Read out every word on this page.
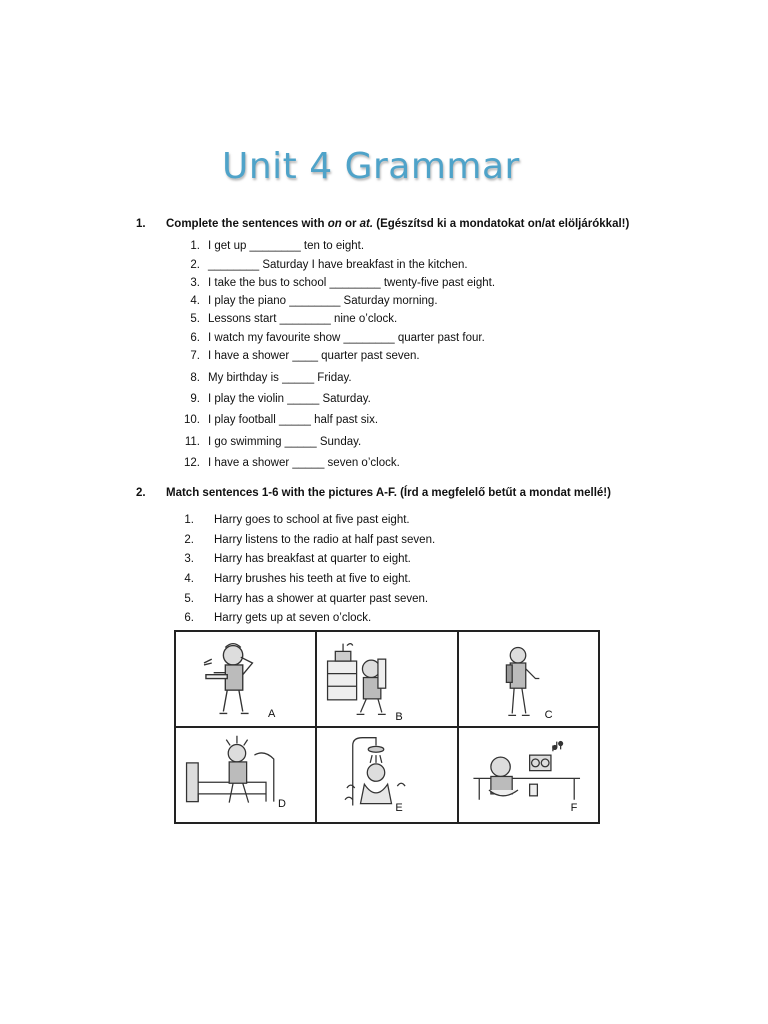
Unit 4 Grammar
1. Complete the sentences with on or at. (Egészítsd ki a mondatokat on/at elöljárókkal!)
1. I get up ________ ten to eight.
2. ________ Saturday I have breakfast in the kitchen.
3. I take the bus to school ________ twenty-five past eight.
4. I play the piano ________ Saturday morning.
5. Lessons start ________ nine o’clock.
6. I watch my favourite show ________ quarter past four.
7. I have a shower ____ quarter past seven.
8. My birthday is _____ Friday.
9. I play the violin _____ Saturday.
10. I play football _____ half past six.
11. I go swimming _____ Sunday.
12. I have a shower _____ seven o’clock.
2. Match sentences 1-6 with the pictures A-F. (Írd a megfelelő betűt a mondat mellé!)
1. Harry goes to school at five past eight.
2. Harry listens to the radio at half past seven.
3. Harry has breakfast at quarter to eight.
4. Harry brushes his teeth at five to eight.
5. Harry has a shower at quarter past seven.
6. Harry gets up at seven o’clock.
A	B	C
D	E	F
